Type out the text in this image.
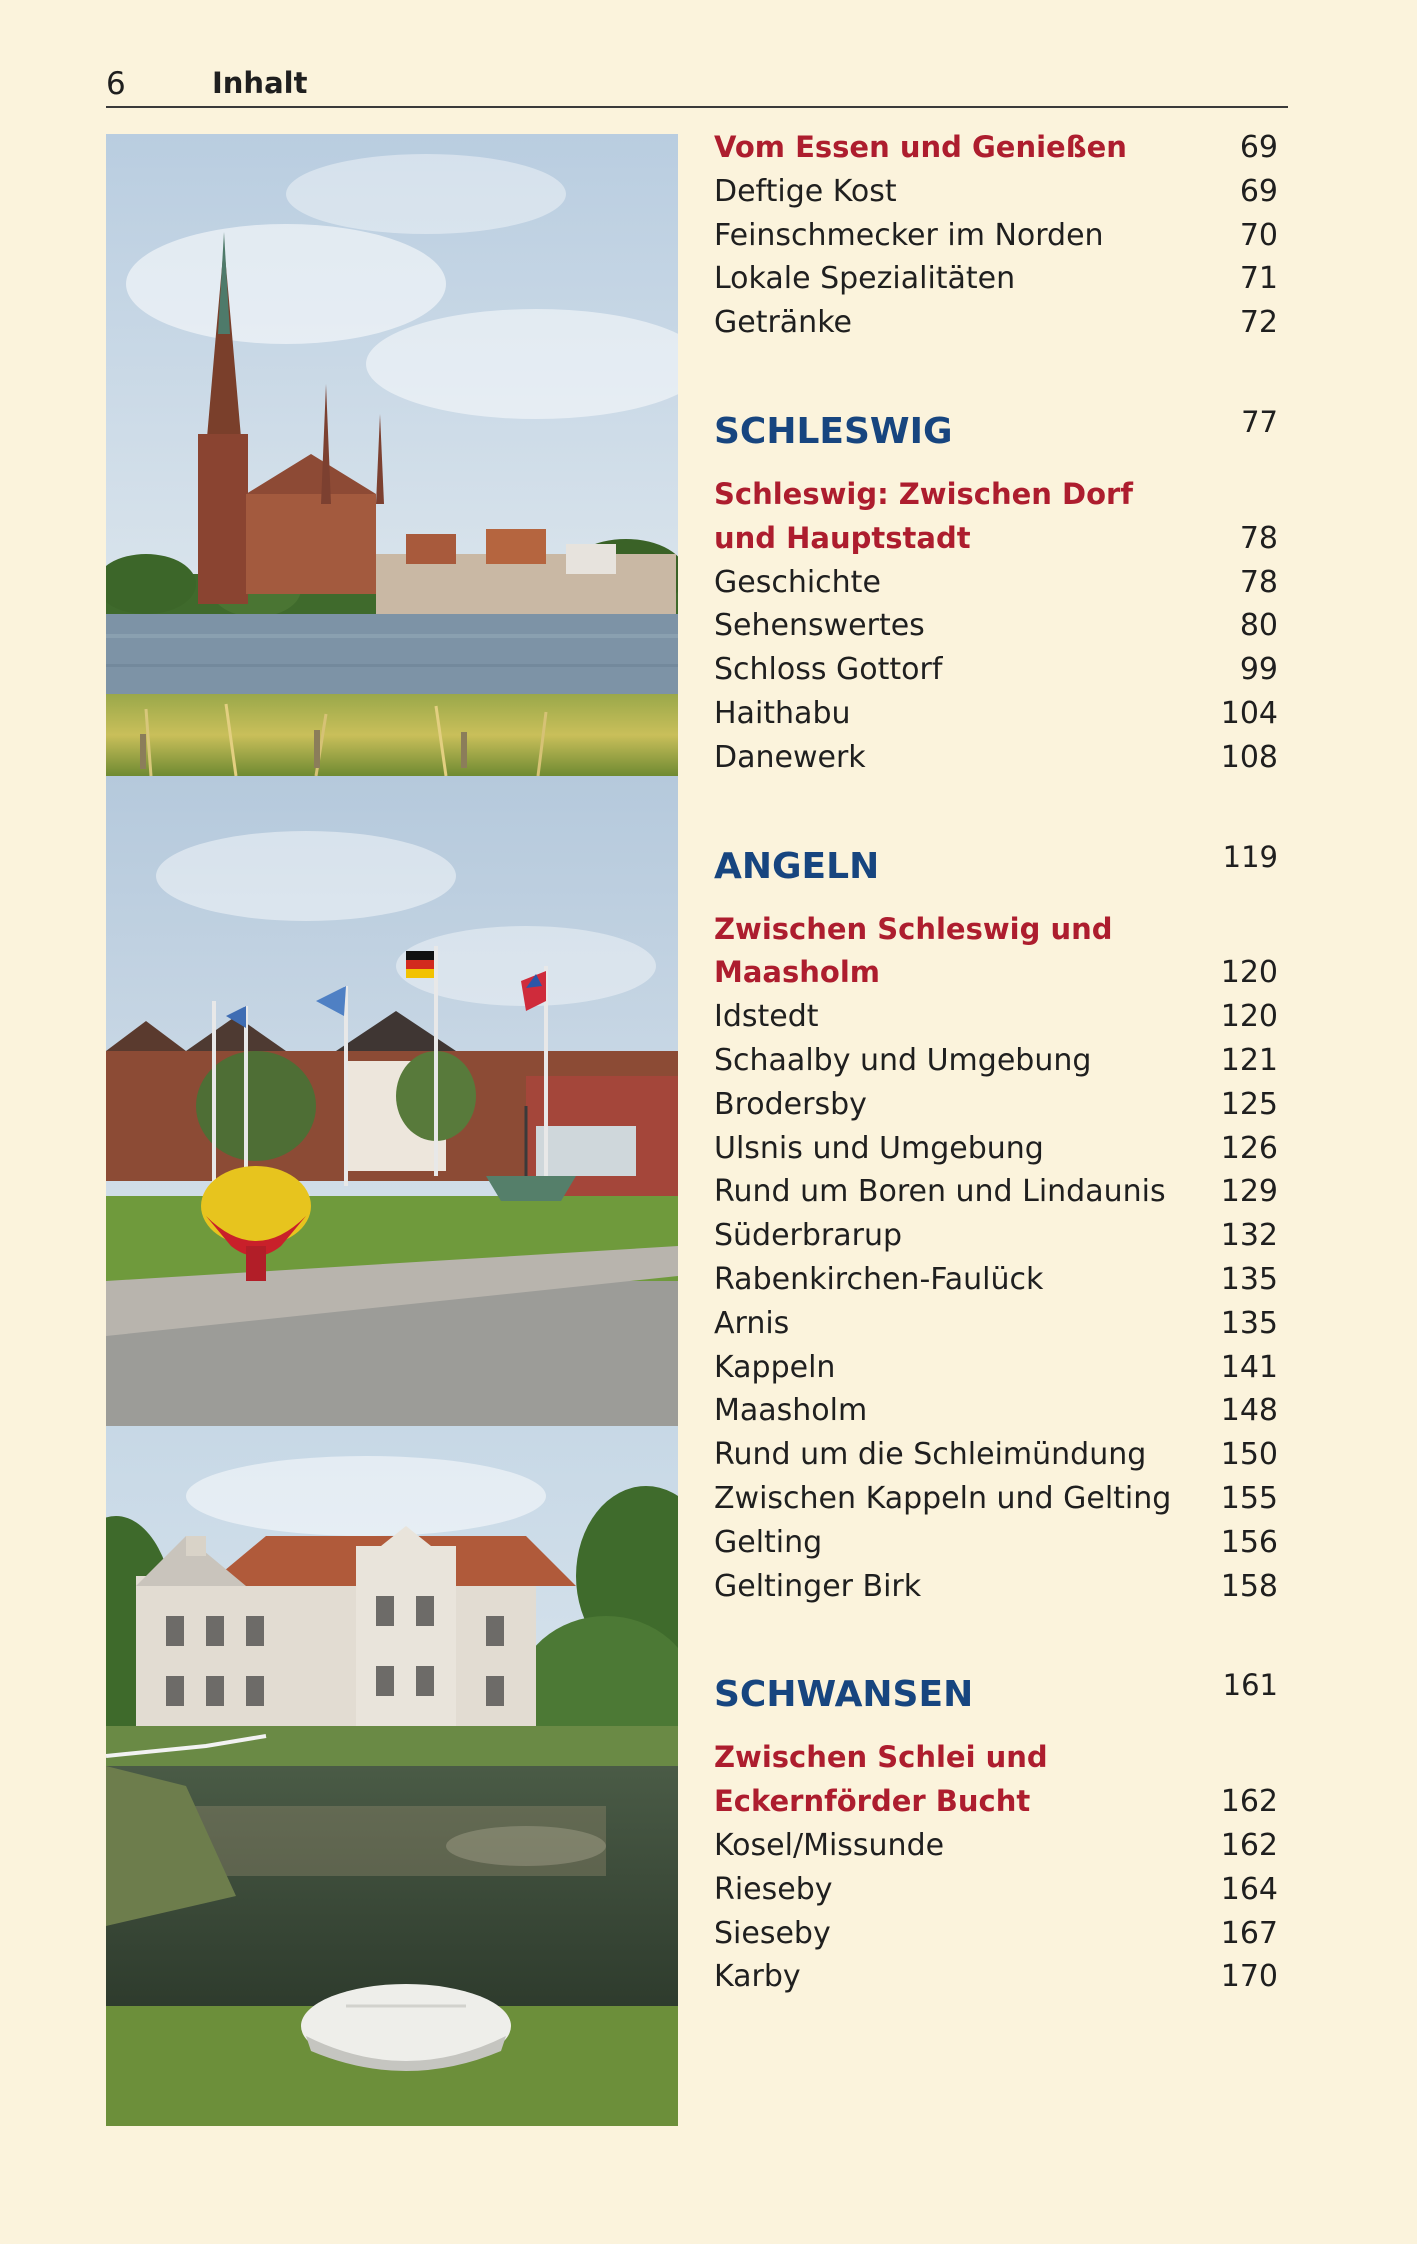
6	Inhalt
Vom Essen und Genießen	69
Deftige Kost	69
Feinschmecker im Norden	70
Lokale Spezialitäten	71
Getränke	72
SCHLESWIG	77
Schleswig: Zwischen Dorf
und Hauptstadt	78
Geschichte	78
Sehenswertes	80
Schloss Gottorf	99
Haithabu	104
Danewerk	108
ANGELN	119
Zwischen Schleswig und
Maasholm	120
Idstedt	120
Schaalby und Umgebung	121
Brodersby	125
Ulsnis und Umgebung	126
Rund um Boren und Lindaunis 129
Süderbrarup	132
Rabenkirchen-Faulück	135
Arnis	135
Kappeln	141
Maasholm	148
Rund um die Schleimündung 150
Zwischen Kappeln und Gelting 155
Gelting	156
Geltinger Birk	158
SCHWANSEN	161
Zwischen Schlei und
Eckernförder Bucht	162
Kosel/Missunde	162
Rieseby	164
Sieseby	167
Karby	170
